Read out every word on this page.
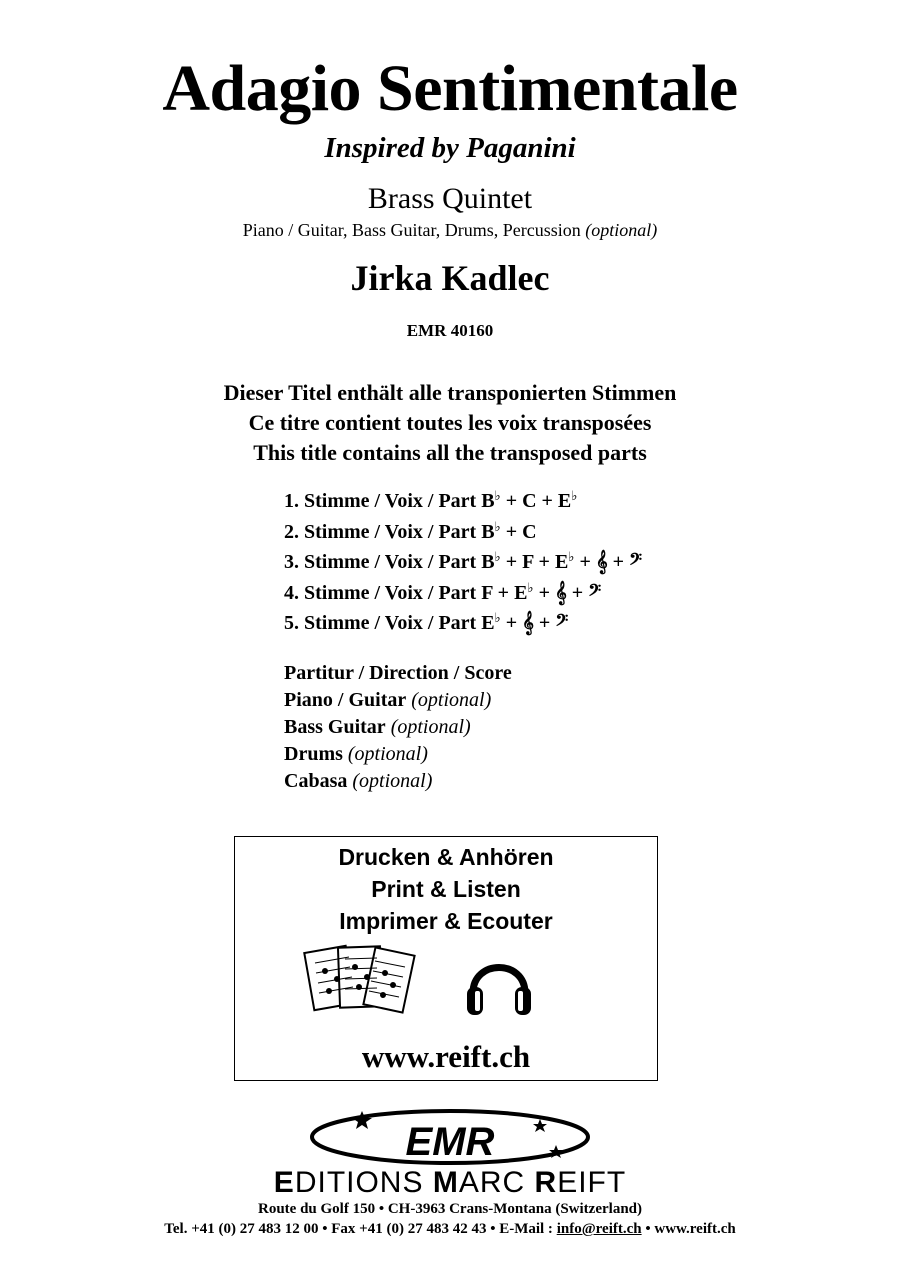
Adagio Sentimentale
Inspired by Paganini
Brass Quintet
Piano / Guitar, Bass Guitar, Drums, Percussion (optional)
Jirka Kadlec
EMR 40160
Dieser Titel enthält alle transponierten Stimmen
Ce titre contient toutes les voix transposées
This title contains all the transposed parts
1. Stimme / Voix / Part B♭ + C + E♭
2. Stimme / Voix / Part B♭ + C
3. Stimme / Voix / Part B♭ + F + E♭ + 𝄞 + 𝄢
4. Stimme / Voix / Part F + E♭ + 𝄞 + 𝄢
5. Stimme / Voix / Part E♭ + 𝄞 + 𝄢
Partitur / Direction / Score
Piano / Guitar (optional)
Bass Guitar (optional)
Drums (optional)
Cabasa (optional)
Drucken & Anhören
Print & Listen
Imprimer & Ecouter
www.reift.ch
EMR
EDITIONS MARC REIFT
Route du Golf 150 • CH-3963 Crans-Montana (Switzerland)
Tel. +41 (0) 27 483 12 00 • Fax +41 (0) 27 483 42 43 • E-Mail : info@reift.ch • www.reift.ch
